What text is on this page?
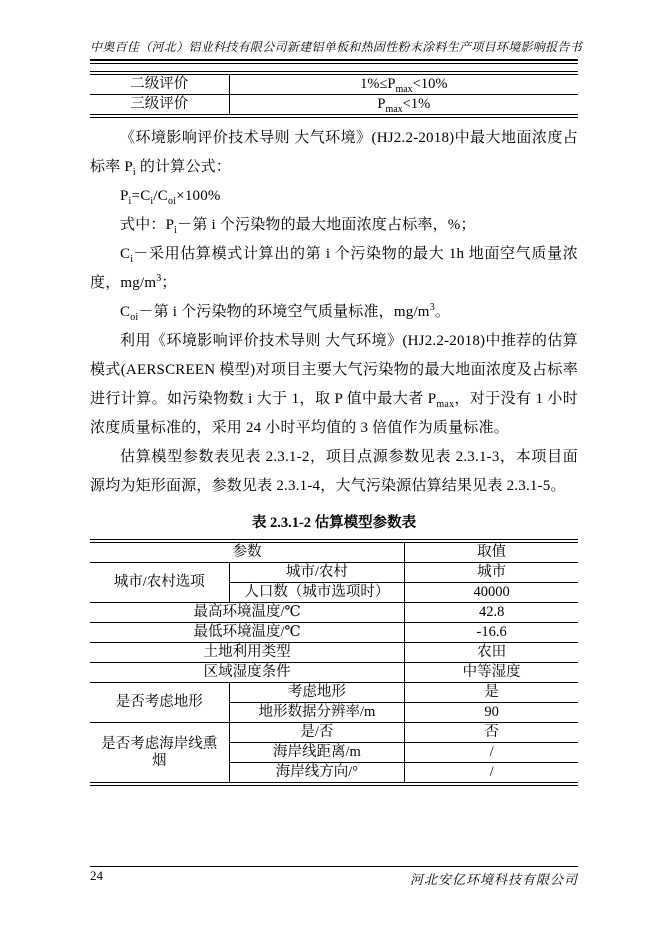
中奥百佳（河北）铝业科技有限公司新建铝单板和热固性粉末涂料生产项目环境影响报告书
二级评价	$1\%\le P_{max}<10\%$
三级评价	$P_{max}<1\%$

《环境影响评价技术导则 大气环境》(HJ2.2-2018)中最大地面浓度占标率 $P_i$ 的计算公式：

$P_i=C_i/C_{oi}\times 100\%$

式中：$P_i-$第 i 个污染物的最大地面浓度占标率，%；

$C_i-$采用估算模式计算出的第 i 个污染物的最大 1h 地面空气质量浓度，$mg/m^3$；

$C_{oi}-$第 i 个污染物的环境空气质量标准，$mg/m^3$。

利用《环境影响评价技术导则 大气环境》(HJ2.2-2018)中推荐的估算模式(AERSCREEN 模型)对项目主要大气污染物的最大地面浓度及占标率进行计算。如污染物数 i 大于 1，取 P 值中最大者 $P_{max}$，对于没有 1 小时浓度质量标准的，采用 24 小时平均值的 3 倍值作为质量标准。

估算模型参数表见表 2.3.1-2，项目点源参数见表 2.3.1-3，本项目面源均为矩形面源，参数见表 2.3.1-4，大气污染源估算结果见表 2.3.1-5。

表 2.3.1-2 估算模型参数表
参数		取值
城市/农村选项	城市/农村	城市
	人口数（城市选项时）	40000
最高环境温度/℃		42.8
最低环境温度/℃		-16.6
土地利用类型		农田
区域湿度条件		中等湿度
是否考虑地形	考虑地形	是
	地形数据分辨率/m	90
是否考虑海岸线熏烟	是/否	否
	海岸线距离/m	/
	海岸线方向/°	/
24	河北安亿环境科技有限公司
